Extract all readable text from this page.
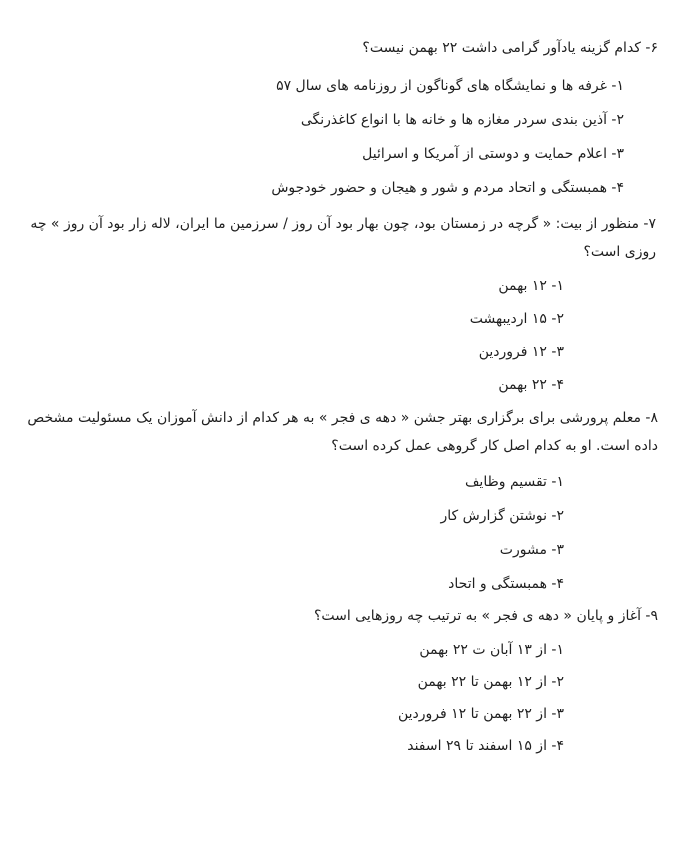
۶- کدام گزینه یادآور گرامی داشت ۲۲ بهمن نیست؟

۱- غرفه ها و نمایشگاه های گوناگون از روزنامه های سال ۵۷
۲- آذین بندی سردر مغازه ها و خانه ها با انواع کاغذرنگی
۳- اعلام حمایت و دوستی از آمریکا و اسرائیل
۴- همبستگی و اتحاد مردم و شور و هیجان و حضور خودجوش

۷- منظور از بیت: « گرچه در زمستان بود، چون بهار بود آن روز / سرزمین ما ایران، لاله زار بود آن روز » چه روزی است؟

۱- ۱۲ بهمن
۲- ۱۵ اردیبهشت
۳- ۱۲ فروردین
۴- ۲۲ بهمن

۸- معلم پرورشی برای برگزاری بهتر جشن « دهه ی فجر » به هر کدام از دانش آموزان یک مسئولیت مشخص داده است. او به کدام اصل کار گروهی عمل کرده است؟

۱- تقسیم وظایف
۲- نوشتن گزارش کار
۳- مشورت
۴- همبستگی و اتحاد

۹- آغاز و پایان « دهه ی فجر » به ترتیب چه روزهایی است؟

۱- از ۱۳ آبان ت ۲۲ بهمن
۲- از ۱۲ بهمن تا ۲۲ بهمن
۳- از ۲۲ بهمن تا ۱۲ فروردین
۴- از ۱۵ اسفند تا ۲۹ اسفند
